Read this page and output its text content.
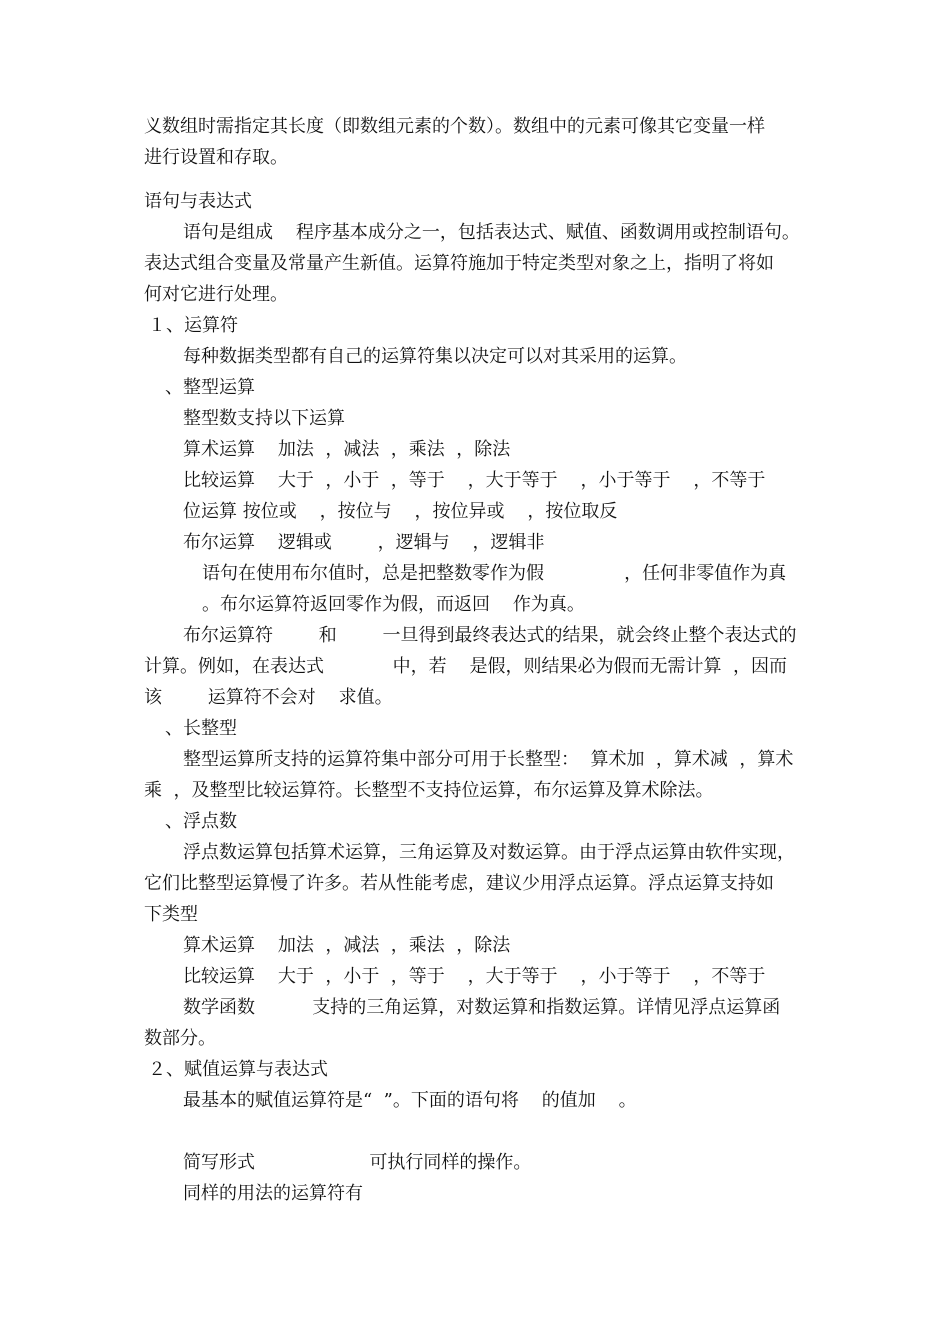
义数组时需指定其长度（即数组元素的个数）。数组中的元素可像其它变量一样
进行设置和存取。
语句与表达式
语句是组成    程序基本成分之一，包括表达式、赋值、函数调用或控制语句。
表达式组合变量及常量产生新值。运算符施加于特定类型对象之上，指明了将如
何对它进行处理。
１、运算符
每种数据类型都有自己的运算符集以决定可以对其采用的运算。
、整型运算
整型数支持以下运算
算术运算    加法  ，减法  ，乘法  ，除法
比较运算    大于  ，小于  ，等于    ，大于等于    ，小于等于    ，不等于
位运算 按位或    ，按位与    ，按位异或    ，按位取反
布尔运算    逻辑或        ，逻辑与    ，逻辑非
语句在使用布尔值时，总是把整数零作为假              ，任何非零值作为真
。布尔运算符返回零作为假，而返回    作为真。
布尔运算符        和        一旦得到最终表达式的结果，就会终止整个表达式的
计算。例如，在表达式            中，若    是假，则结果必为假而无需计算  ，因而
该        运算符不会对    求值。
、长整型
整型运算所支持的运算符集中部分可用于长整型：  算术加  ，算术减  ，算术
乘  ，及整型比较运算符。长整型不支持位运算，布尔运算及算术除法。
、浮点数
浮点数运算包括算术运算，三角运算及对数运算。由于浮点运算由软件实现，
它们比整型运算慢了许多。若从性能考虑，建议少用浮点运算。浮点运算支持如
下类型
算术运算    加法  ，减法  ，乘法  ，除法
比较运算    大于  ，小于  ，等于    ，大于等于    ，小于等于    ，不等于
数学函数          支持的三角运算，对数运算和指数运算。详情见浮点运算函
数部分。
２、赋值运算与表达式
最基本的赋值运算符是“  ”。下面的语句将    的值加    。
简写形式                    可执行同样的操作。
同样的用法的运算符有
